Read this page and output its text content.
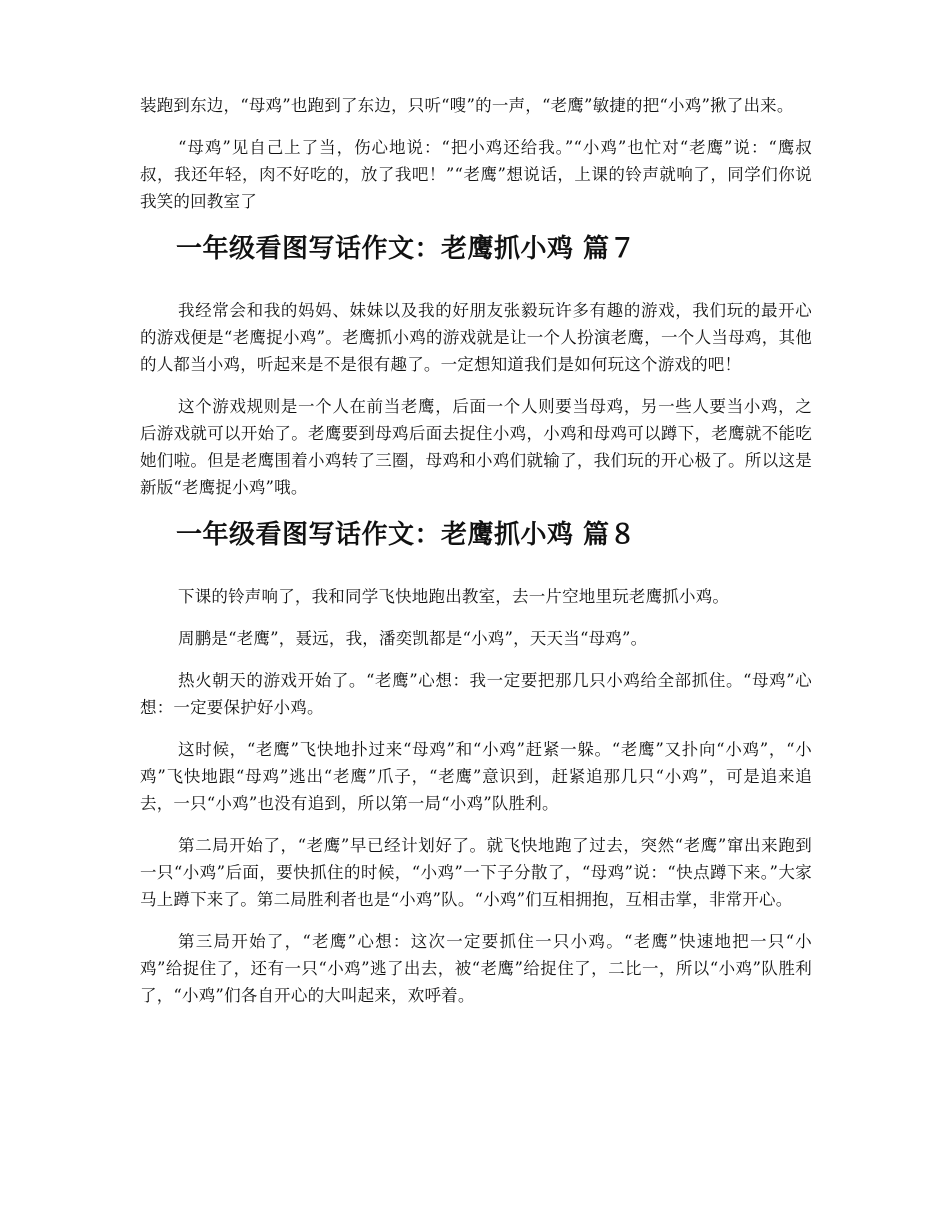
装跑到东边，“母鸡”也跑到了东边，只听“嗖”的一声，“老鹰”敏捷的把“小鸡”揪了出来。

“母鸡”见自己上了当，伤心地说：“把小鸡还给我。”“小鸡”也忙对“老鹰”说：“鹰叔叔，我还年轻，肉不好吃的，放了我吧！”“老鹰”想说话，上课的铃声就响了，同学们你说我笑的回教室了

一年级看图写话作文：老鹰抓小鸡 篇７

我经常会和我的妈妈、妹妹以及我的好朋友张毅玩许多有趣的游戏，我们玩的最开心的游戏便是“老鹰捉小鸡”。老鹰抓小鸡的游戏就是让一个人扮演老鹰，一个人当母鸡，其他的人都当小鸡，听起来是不是很有趣了。一定想知道我们是如何玩这个游戏的吧！

这个游戏规则是一个人在前当老鹰，后面一个人则要当母鸡，另一些人要当小鸡，之后游戏就可以开始了。老鹰要到母鸡后面去捉住小鸡，小鸡和母鸡可以蹲下，老鹰就不能吃她们啦。但是老鹰围着小鸡转了三圈，母鸡和小鸡们就输了，我们玩的开心极了。所以这是新版“老鹰捉小鸡”哦。

一年级看图写话作文：老鹰抓小鸡 篇８

下课的铃声响了，我和同学飞快地跑出教室，去一片空地里玩老鹰抓小鸡。

周鹏是“老鹰”，聂远，我，潘奕凯都是“小鸡”，天天当“母鸡”。

热火朝天的游戏开始了。“老鹰”心想：我一定要把那几只小鸡给全部抓住。“母鸡”心想：一定要保护好小鸡。

这时候，“老鹰”飞快地扑过来“母鸡”和“小鸡”赶紧一躲。“老鹰”又扑向“小鸡”，“小鸡”飞快地跟“母鸡”逃出“老鹰”爪子，“老鹰”意识到，赶紧追那几只“小鸡”，可是追来追去，一只“小鸡”也没有追到，所以第一局“小鸡”队胜利。

第二局开始了，“老鹰”早已经计划好了。就飞快地跑了过去，突然“老鹰”窜出来跑到一只“小鸡”后面，要快抓住的时候，“小鸡”一下子分散了，“母鸡”说：“快点蹲下来。”大家马上蹲下来了。第二局胜利者也是“小鸡”队。“小鸡”们互相拥抱，互相击掌，非常开心。

第三局开始了，“老鹰”心想：这次一定要抓住一只小鸡。“老鹰”快速地把一只“小鸡”给捉住了，还有一只“小鸡”逃了出去，被“老鹰”给捉住了，二比一，所以“小鸡”队胜利了，“小鸡”们各自开心的大叫起来，欢呼着。
